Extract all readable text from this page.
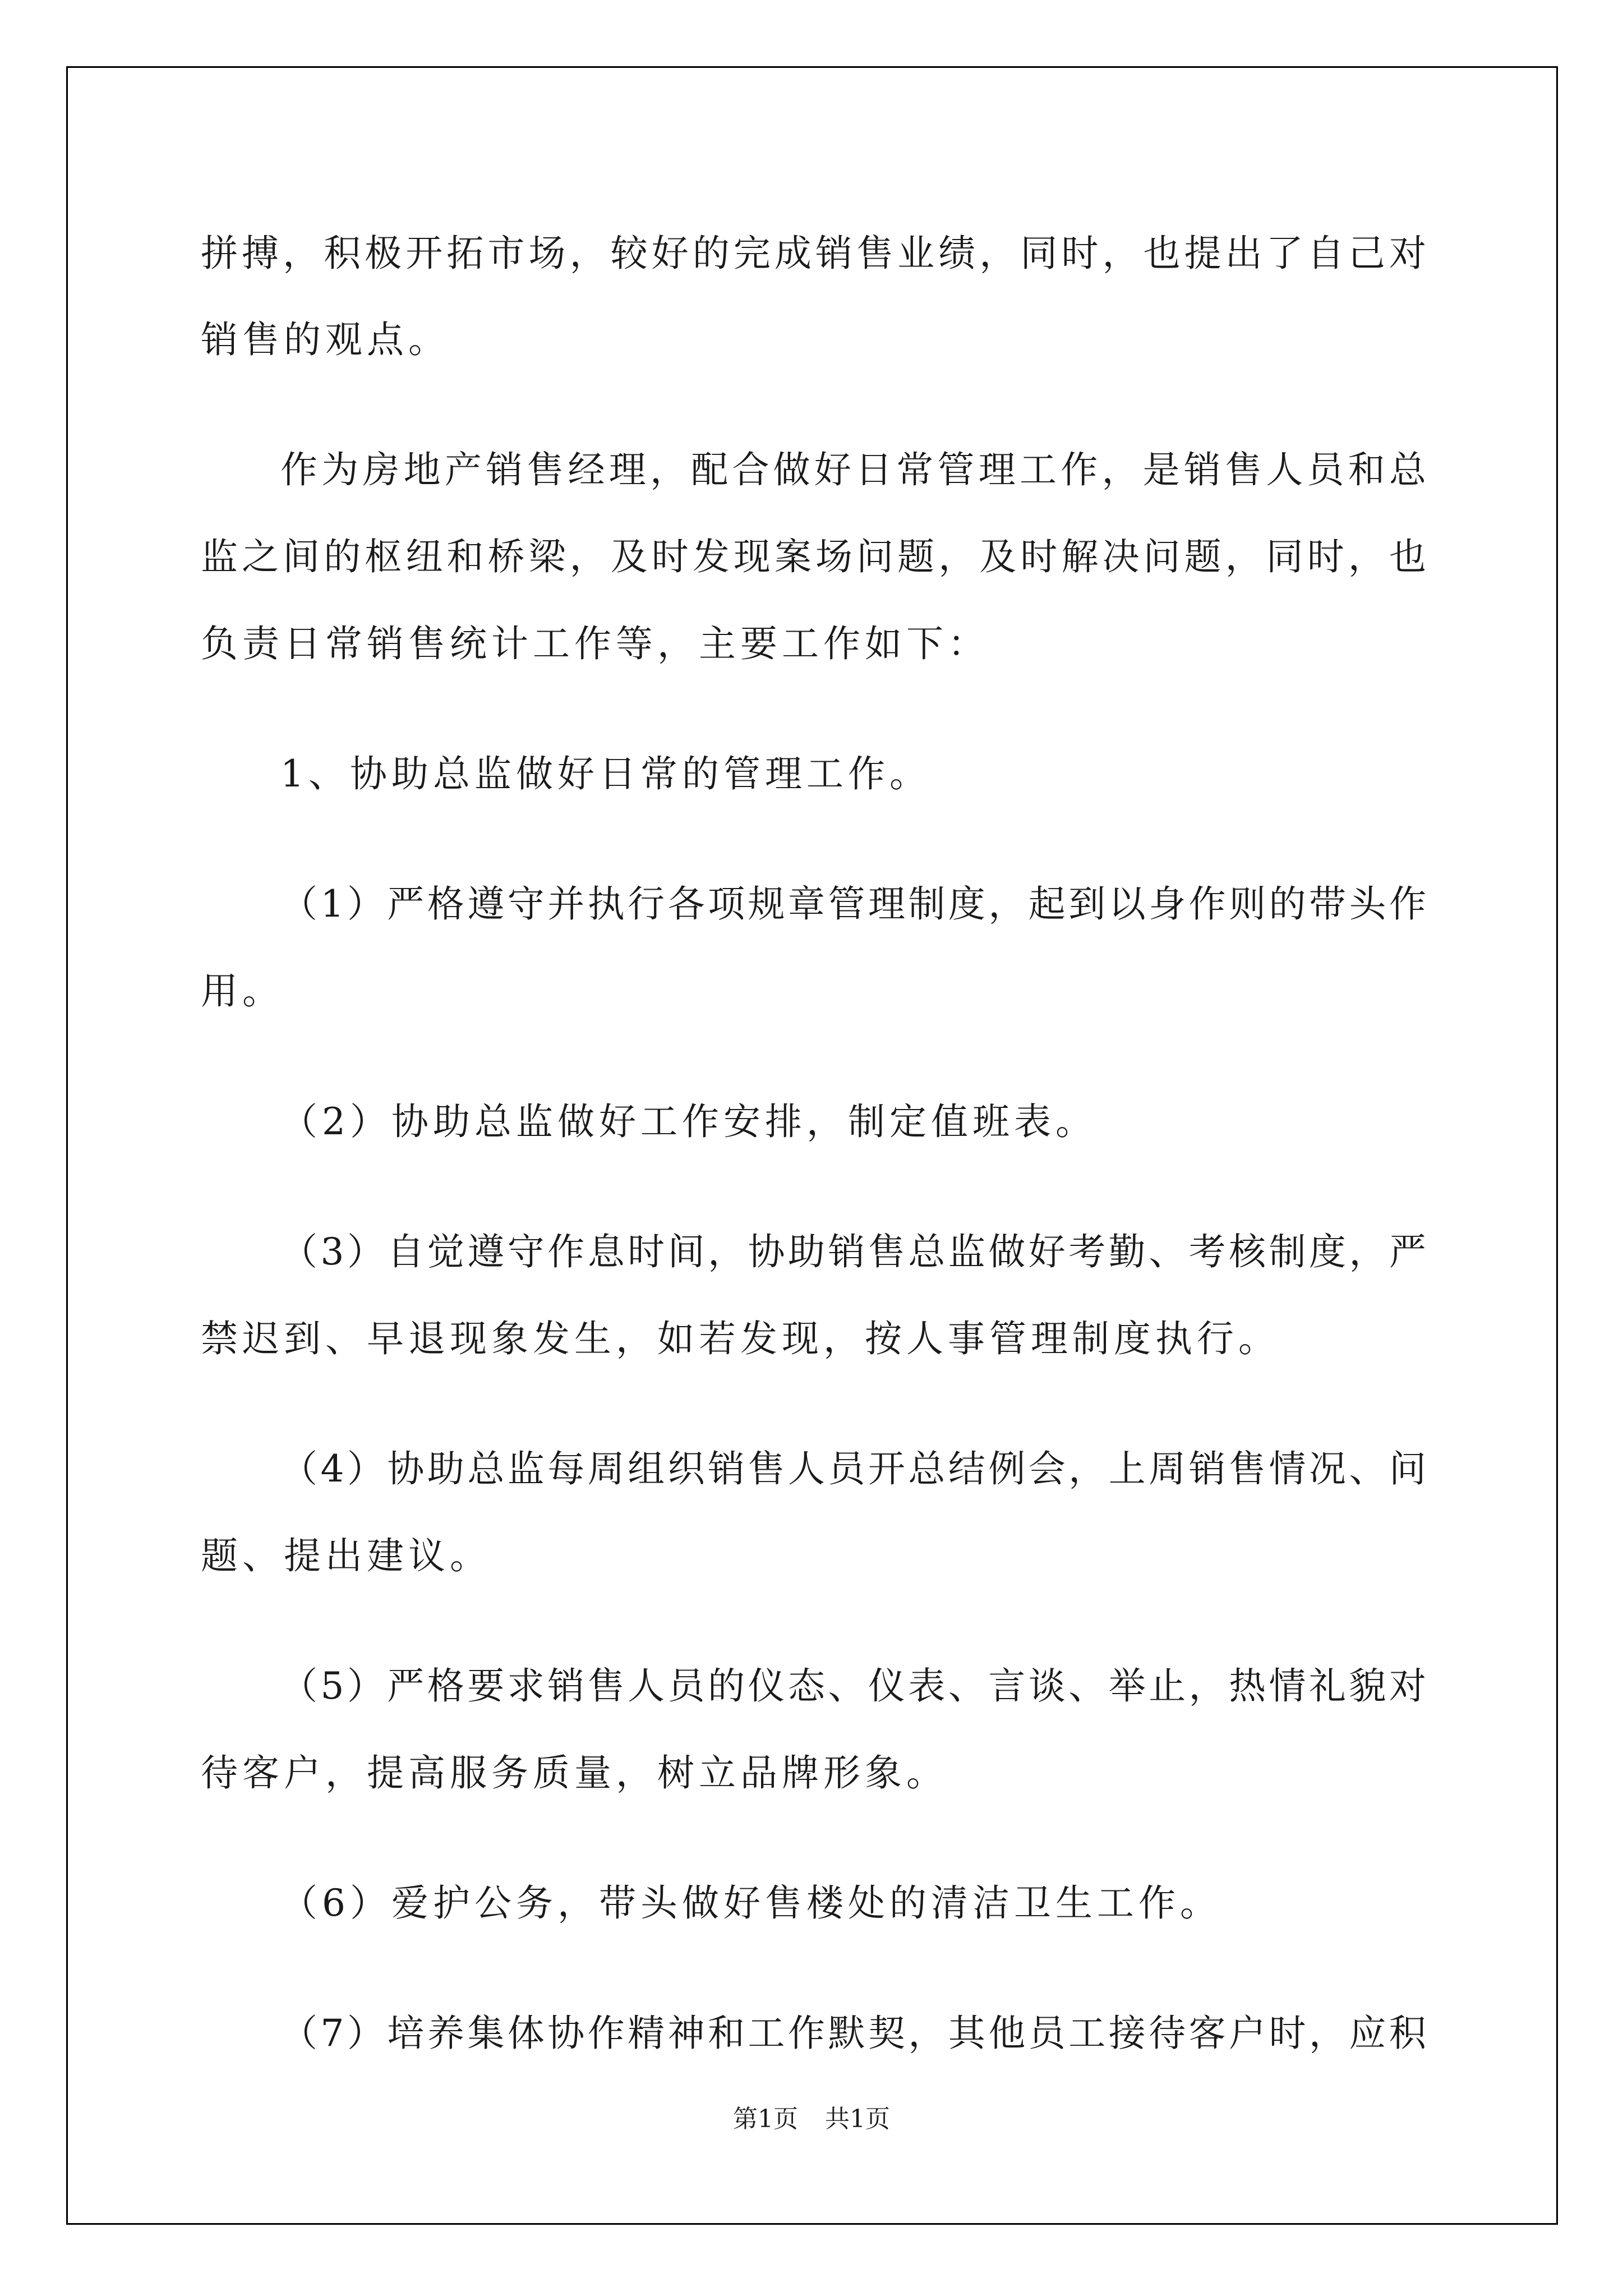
拼搏，积极开拓市场，较好的完成销售业绩，同时，也提出了自己对
销售的观点。
作为房地产销售经理，配合做好日常管理工作，是销售人员和总
监之间的枢纽和桥梁，及时发现案场问题，及时解决问题，同时，也
负责日常销售统计工作等，主要工作如下：
1、协助总监做好日常的管理工作。
（1）严格遵守并执行各项规章管理制度，起到以身作则的带头作
用。
（2）协助总监做好工作安排，制定值班表。
（3）自觉遵守作息时间，协助销售总监做好考勤、考核制度，严
禁迟到、早退现象发生，如若发现，按人事管理制度执行。
（4）协助总监每周组织销售人员开总结例会，上周销售情况、问
题、提出建议。
（5）严格要求销售人员的仪态、仪表、言谈、举止，热情礼貌对
待客户，提高服务质量，树立品牌形象。
（6）爱护公务，带头做好售楼处的清洁卫生工作。
（7）培养集体协作精神和工作默契，其他员工接待客户时，应积
第1页 共1页
